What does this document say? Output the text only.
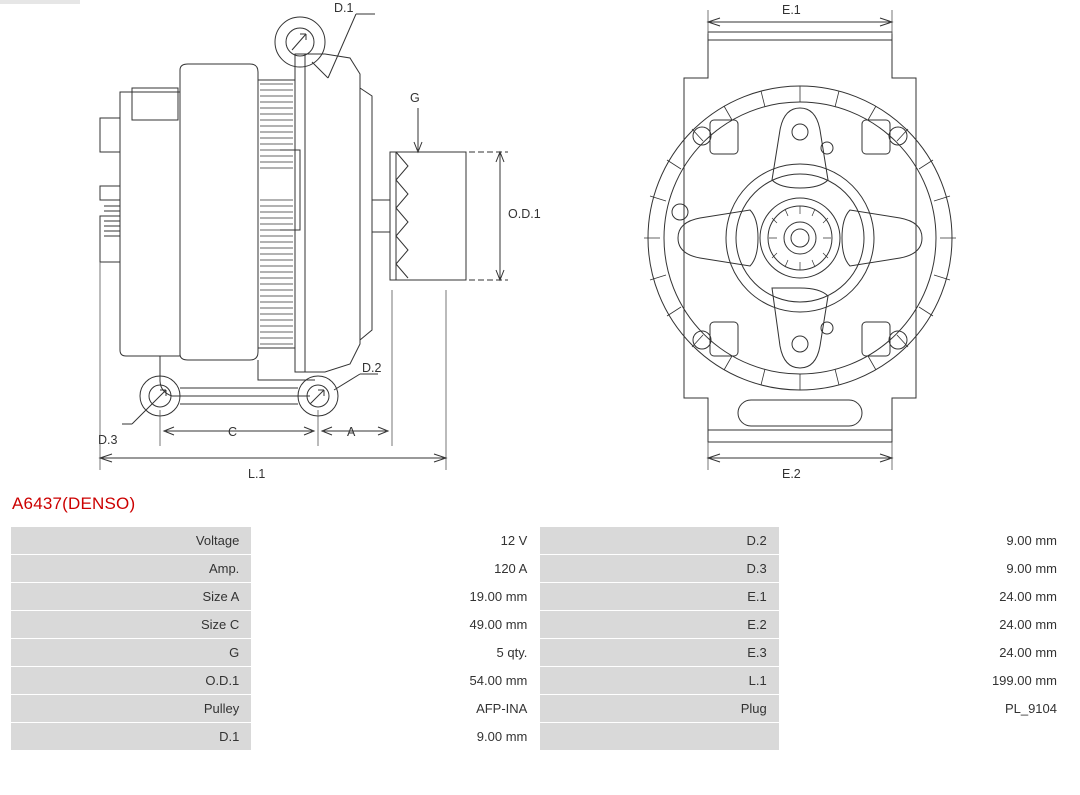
D.1
D.2
D.3
G
O.D.1
C	A
L.1
E.1
E.2
A6437(DENSO)
Voltage	12 V	D.2	9.00 mm
Amp.	120 A	D.3	9.00 mm
Size A	19.00 mm	E.1	24.00 mm
Size C	49.00 mm	E.2	24.00 mm
G	5 qty.	E.3	24.00 mm
O.D.1	54.00 mm	L.1	199.00 mm
Pulley	AFP-INA	Plug	PL_9104
D.1	9.00 mm		
